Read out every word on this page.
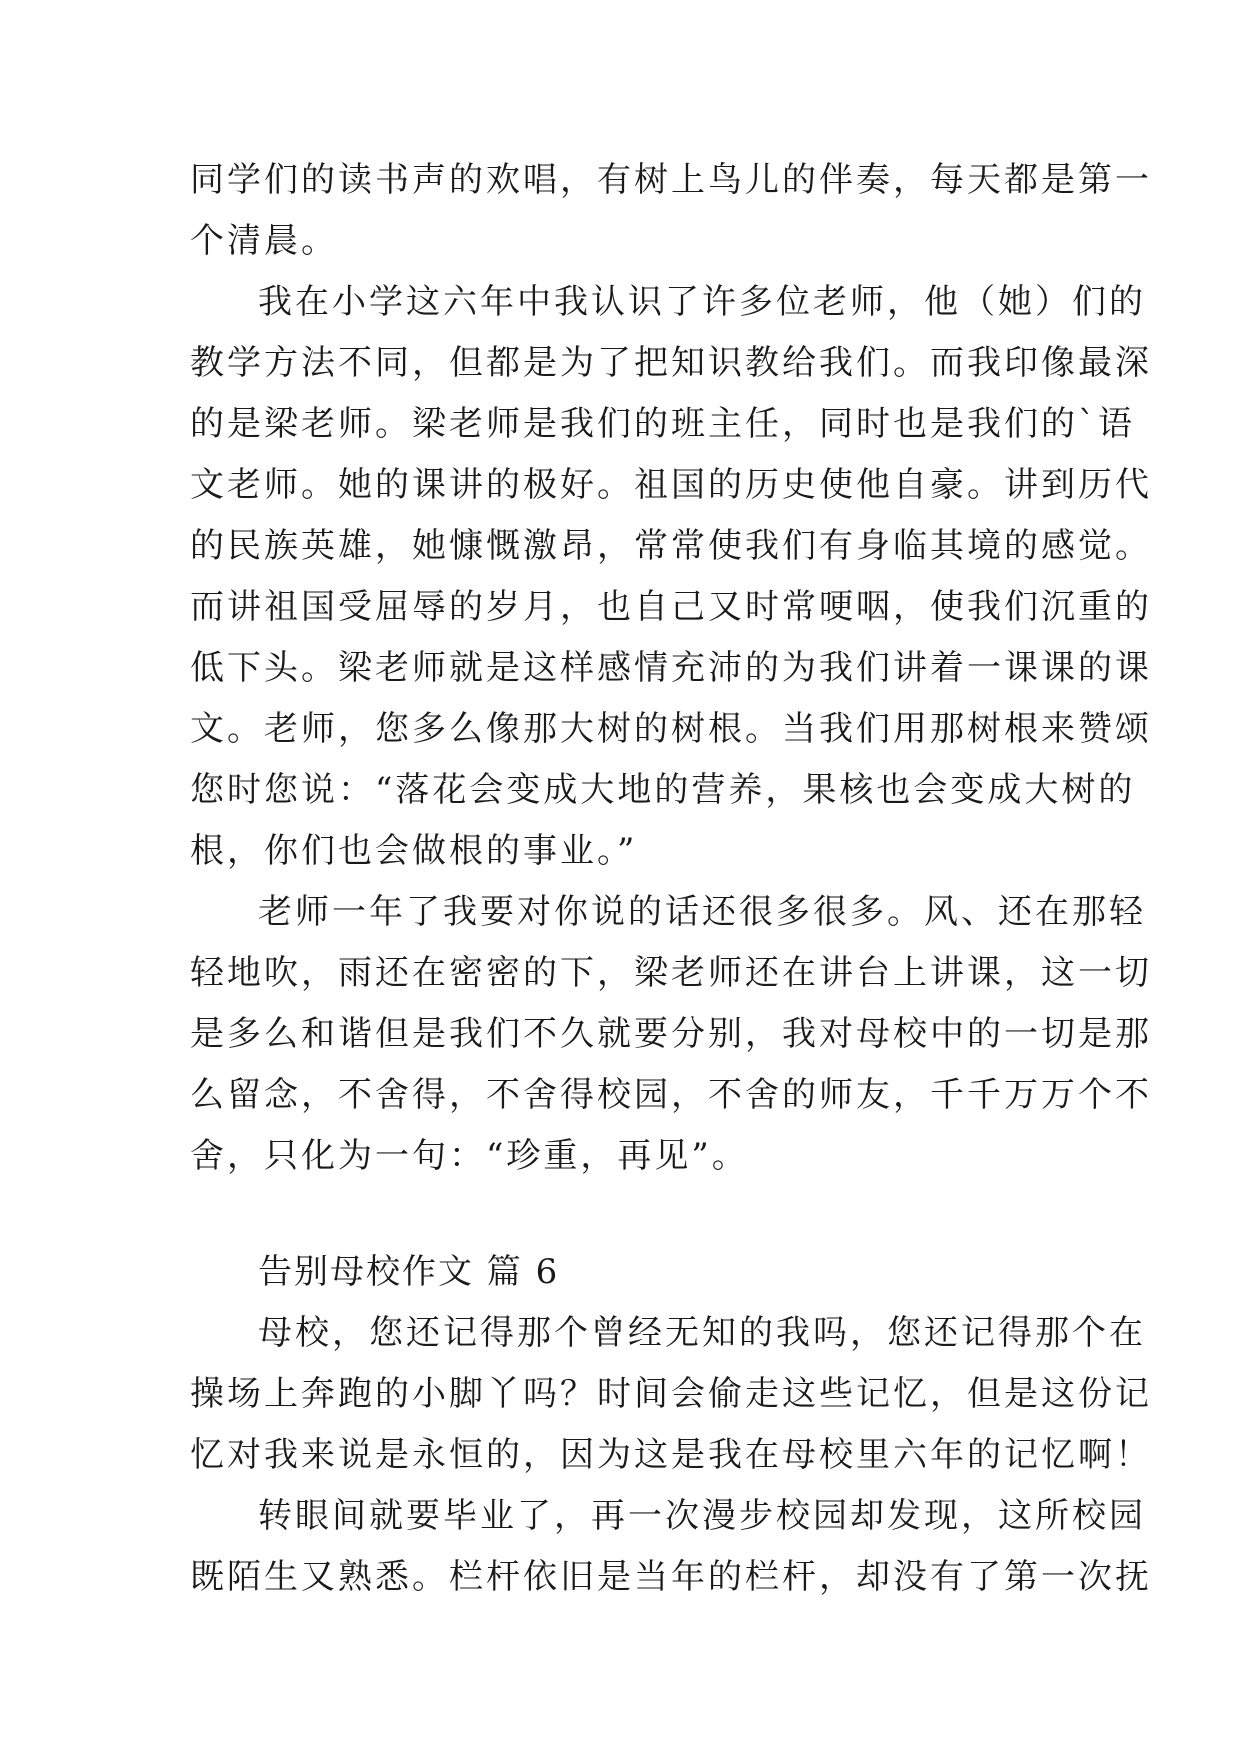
同学们的读书声的欢唱，有树上鸟儿的伴奏，每天都是第一
个清晨。
我在小学这六年中我认识了许多位老师，他（她）们的
教学方法不同，但都是为了把知识教给我们。而我印像最深
的是梁老师。梁老师是我们的班主任，同时也是我们的`语
文老师。她的课讲的极好。祖国的历史使他自豪。讲到历代
的民族英雄，她慷慨激昂，常常使我们有身临其境的感觉。
而讲祖国受屈辱的岁月，也自己又时常哽咽，使我们沉重的
低下头。梁老师就是这样感情充沛的为我们讲着一课课的课
文。老师，您多么像那大树的树根。当我们用那树根来赞颂
您时您说：“落花会变成大地的营养，果核也会变成大树的
根，你们也会做根的事业。”
老师一年了我要对你说的话还很多很多。风、还在那轻
轻地吹，雨还在密密的下，梁老师还在讲台上讲课，这一切
是多么和谐但是我们不久就要分别，我对母校中的一切是那
么留念，不舍得，不舍得校园，不舍的师友，千千万万个不
舍，只化为一句：“珍重，再见”。
告别母校作文 篇 6
母校，您还记得那个曾经无知的我吗，您还记得那个在
操场上奔跑的小脚丫吗？时间会偷走这些记忆，但是这份记
忆对我来说是永恒的，因为这是我在母校里六年的记忆啊！
转眼间就要毕业了，再一次漫步校园却发现，这所校园
既陌生又熟悉。栏杆依旧是当年的栏杆，却没有了第一次抚
